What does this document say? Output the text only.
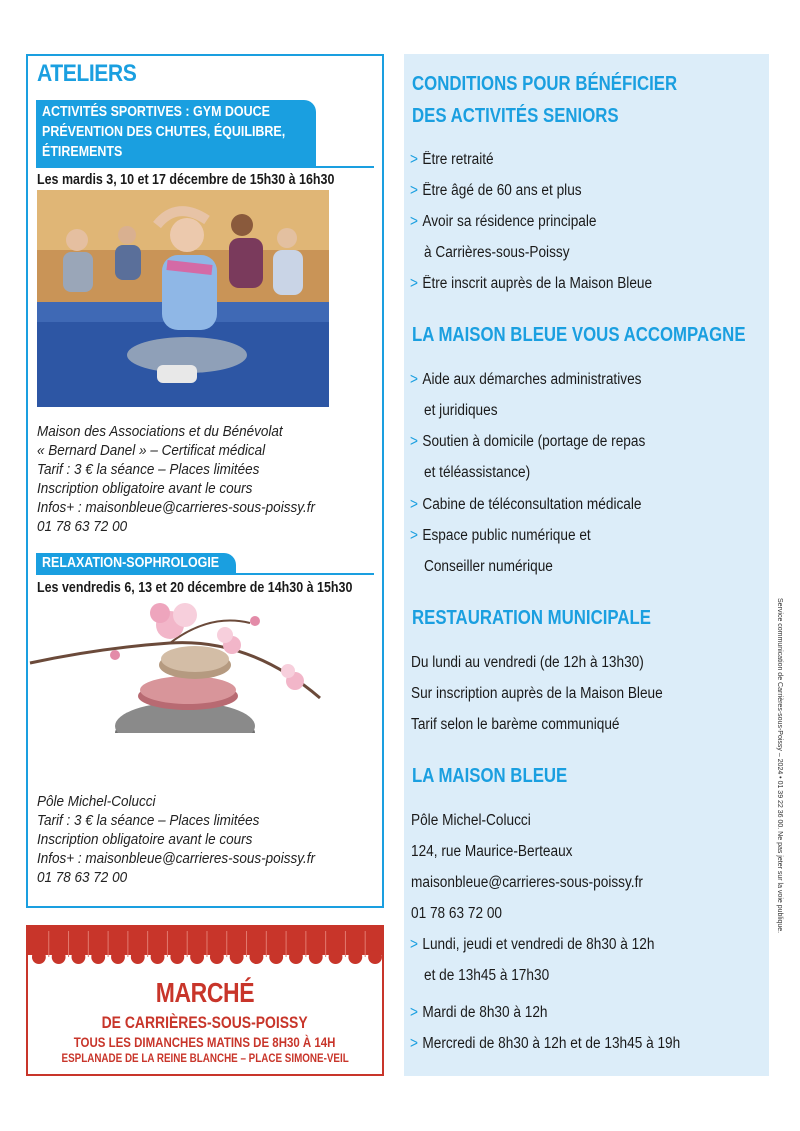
ATELIERS
ACTIVITÉS SPORTIVES : GYM DOUCE
PRÉVENTION DES CHUTES, ÉQUILIBRE,
ÉTIREMENTS
Les mardis 3, 10 et 17 décembre de 15h30 à 16h30
Maison des Associations et du Bénévolat
« Bernard Danel » – Certificat médical
Tarif : 3 € la séance – Places limitées
Inscription obligatoire avant le cours
Infos+ : maisonbleue@carrieres-sous-poissy.fr
01 78 63 72 00
RELAXATION-SOPHROLOGIE
Les vendredis 6, 13 et 20 décembre de 14h30 à 15h30
Pôle Michel-Colucci
Tarif : 3 € la séance – Places limitées
Inscription obligatoire avant le cours
Infos+ : maisonbleue@carrieres-sous-poissy.fr
01 78 63 72 00
MARCHÉ
DE CARRIÈRES-SOUS-POISSY
TOUS LES DIMANCHES MATINS DE 8H30 À 14H
ESPLANADE DE LA REINE BLANCHE – PLACE SIMONE-VEIL
CONDITIONS POUR BÉNÉFICIER
DES ACTIVITÉS SENIORS
> Être retraité
> Être âgé de 60 ans et plus
> Avoir sa résidence principale
à Carrières-sous-Poissy
> Être inscrit auprès de la Maison Bleue
LA MAISON BLEUE VOUS ACCOMPAGNE
> Aide aux démarches administratives
et juridiques
> Soutien à domicile (portage de repas
et téléassistance)
> Cabine de téléconsultation médicale
> Espace public numérique et
Conseiller numérique
RESTAURATION MUNICIPALE
Du lundi au vendredi (de 12h à 13h30)
Sur inscription auprès de la Maison Bleue
Tarif selon le barème communiqué
LA MAISON BLEUE
Pôle Michel-Colucci
124, rue Maurice-Berteaux
maisonbleue@carrieres-sous-poissy.fr
01 78 63 72 00
> Lundi, jeudi et vendredi de 8h30 à 12h
et de 13h45 à 17h30
> Mardi de 8h30 à 12h
> Mercredi de 8h30 à 12h et de 13h45 à 19h
Service communication de Carrières-sous-Poissy – 2024 • 01 39 22 36 00. Ne pas jeter sur la voie publique.
